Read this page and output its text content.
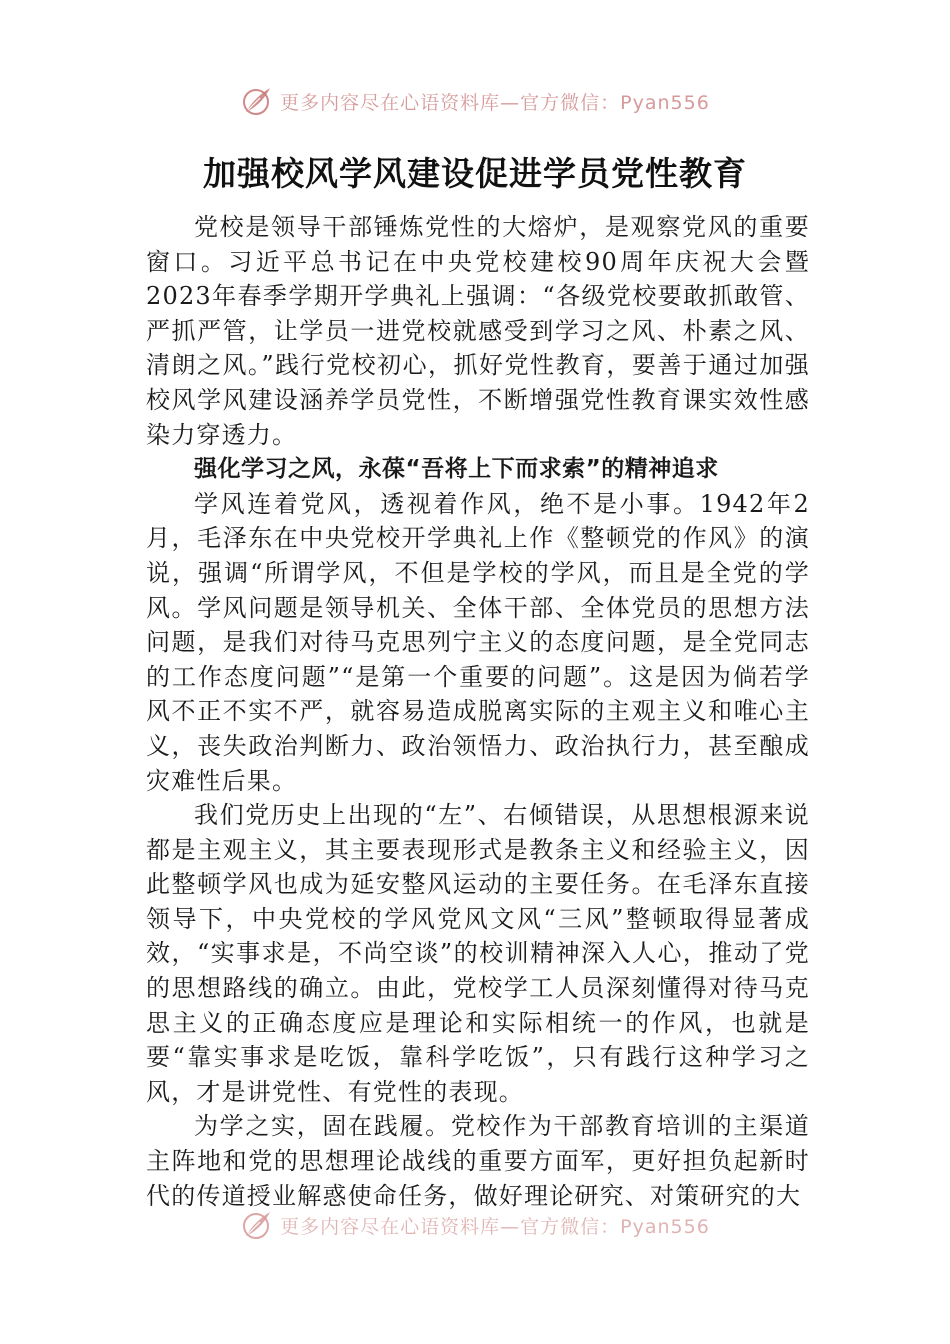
更多内容尽在心语资料库—官方微信：Pyan556
加强校风学风建设促进学员党性教育

党校是领导干部锤炼党性的大熔炉，是观察党风的重要窗口。习近平总书记在中央党校建校90周年庆祝大会暨2023年春季学期开学典礼上强调：“各级党校要敢抓敢管、严抓严管，让学员一进党校就感受到学习之风、朴素之风、清朗之风。”践行党校初心，抓好党性教育，要善于通过加强校风学风建设涵养学员党性，不断增强党性教育课实效性感染力穿透力。

强化学习之风，永葆“吾将上下而求索”的精神追求

学风连着党风，透视着作风，绝不是小事。1942年2月，毛泽东在中央党校开学典礼上作《整顿党的作风》的演说，强调“所谓学风，不但是学校的学风，而且是全党的学风。学风问题是领导机关、全体干部、全体党员的思想方法问题，是我们对待马克思列宁主义的态度问题，是全党同志的工作态度问题”“是第一个重要的问题”。这是因为倘若学风不正不实不严，就容易造成脱离实际的主观主义和唯心主义，丧失政治判断力、政治领悟力、政治执行力，甚至酿成灾难性后果。

我们党历史上出现的“左”、右倾错误，从思想根源来说都是主观主义，其主要表现形式是教条主义和经验主义，因此整顿学风也成为延安整风运动的主要任务。在毛泽东直接领导下，中央党校的学风党风文风“三风”整顿取得显著成效，“实事求是，不尚空谈”的校训精神深入人心，推动了党的思想路线的确立。由此，党校学工人员深刻懂得对待马克思主义的正确态度应是理论和实际相统一的作风，也就是要“靠实事求是吃饭，靠科学吃饭”，只有践行这种学习之风，才是讲党性、有党性的表现。

为学之实，固在践履。党校作为干部教育培训的主渠道主阵地和党的思想理论战线的重要方面军，更好担负起新时代的传道授业解惑使命任务，做好理论研究、对策研究的大

更多内容尽在心语资料库—官方微信：Pyan556
